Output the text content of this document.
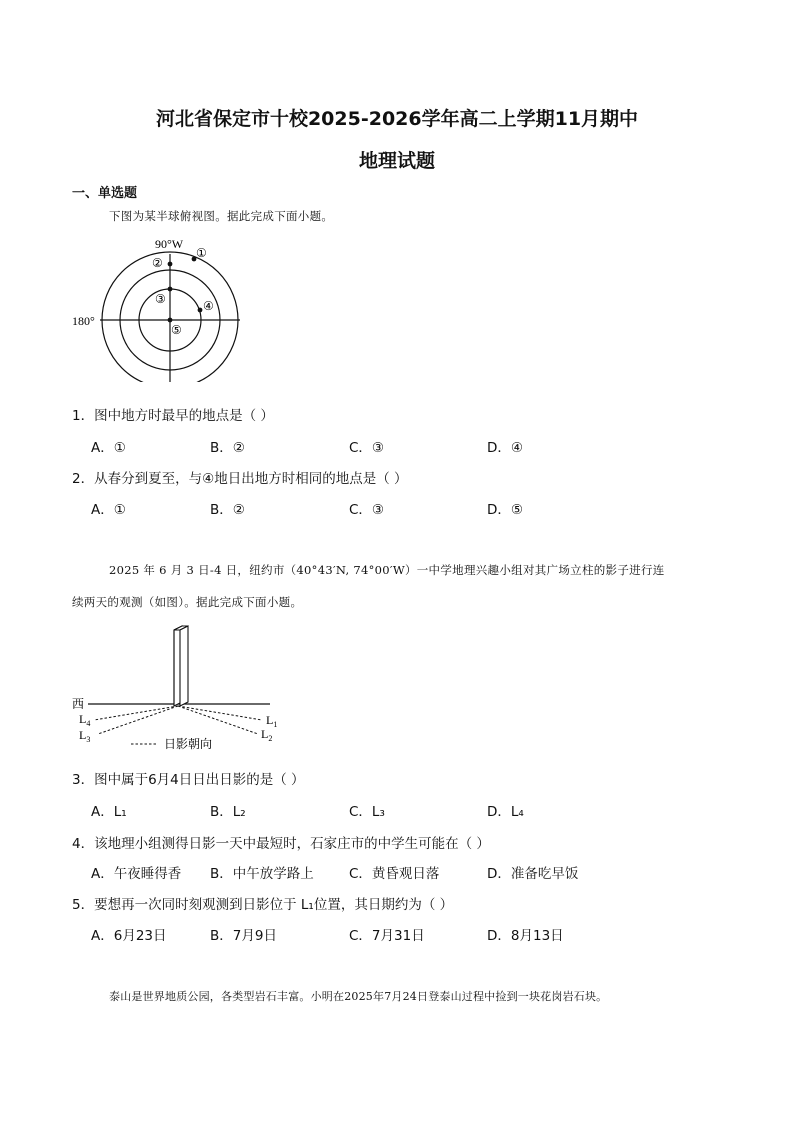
河北省保定市十校2025-2026学年高二上学期11月期中
地理试题
一、单选题
下图为某半球俯视图。据此完成下面小题。
90°W
180°
①
②
③	④
⑤
1．图中地方时最早的地点是（ ）
A．①	B．②	C．③	D．④
2．从春分到夏至，与④地日出地方时相同的地点是（ ）
A．①	B．②	C．③	D．⑤
2025 年 6 月 3 日-4 日，纽约市（40°43′N, 74°00′W）一中学地理兴趣小组对其广场立柱的影子进行连
续两天的观测（如图）。据此完成下面小题。
西
$L_4$
$L_3$
$L_1$
$L_2$
日影朝向
3．图中属于6月4日日出日影的是（ ）
A．L₁	B．L₂	C．L₃	D．L₄
4．该地理小组测得日影一天中最短时，石家庄市的中学生可能在（ ）
A．午夜睡得香 B．中午放学路上	C．黄昏观日落	D．准备吃早饭
5．要想再一次同时刻观测到日影位于 L₁位置，其日期约为（ ）
A．6月23日	B．7月9日	C．7月31日	D．8月13日
泰山是世界地质公园，各类型岩石丰富。小明在2025年7月24日登泰山过程中捡到一块花岗岩石块。
